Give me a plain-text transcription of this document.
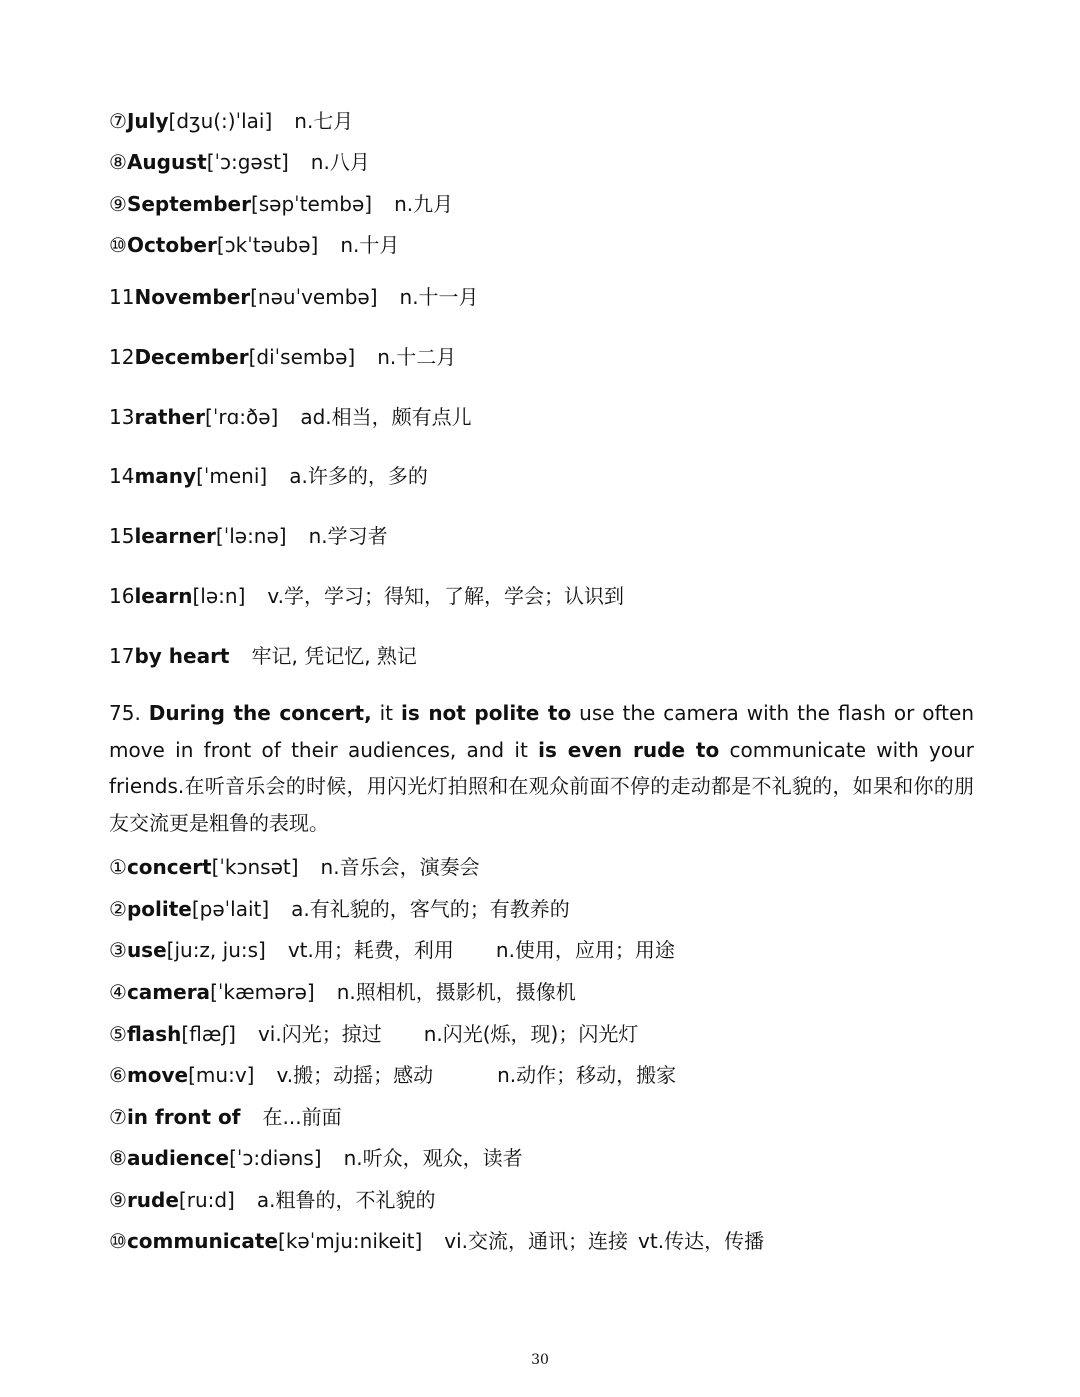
⑦July[dʒu(:)ˈlai] n.七月
⑧August[ˈɔ:gəst] n.八月
⑨September[səpˈtembə] n.九月
⑩October[ɔkˈtəubə] n.十月
11November[nəuˈvembə] n.十一月
12December[diˈsembə] n.十二月
13rather[ˈrɑ:ðə] ad.相当，颇有点儿
14many[ˈmeni] a.许多的，多的
15learner[ˈlə:nə] n.学习者
16learn[lə:n] v.学，学习；得知，了解，学会；认识到
17by heart 牢记, 凭记忆, 熟记
75. During the concert, it is not polite to use the camera with the flash or often move in front of their audiences, and it is even rude to communicate with your friends.在听音乐会的时候，用闪光灯拍照和在观众前面不停的走动都是不礼貌的，如果和你的朋友交流更是粗鲁的表现。
①concert[ˈkɔnsət] n.音乐会，演奏会
②polite[pəˈlait] a.有礼貌的，客气的；有教养的
③use[ju:z, ju:s] vt.用；耗费，利用 n.使用，应用；用途
④camera[ˈkæmərə] n.照相机，摄影机，摄像机
⑤flash[flæʃ] vi.闪光；掠过 n.闪光(烁，现)；闪光灯
⑥move[mu:v] v.搬；动摇；感动	n.动作；移动，搬家
⑦in front of 在...前面
⑧audience[ˈɔ:diəns] n.听众，观众，读者
⑨rude[ru:d] a.粗鲁的，不礼貌的
⑩communicate[kəˈmju:nikeit] vi.交流，通讯；连接 vt.传达，传播
30
